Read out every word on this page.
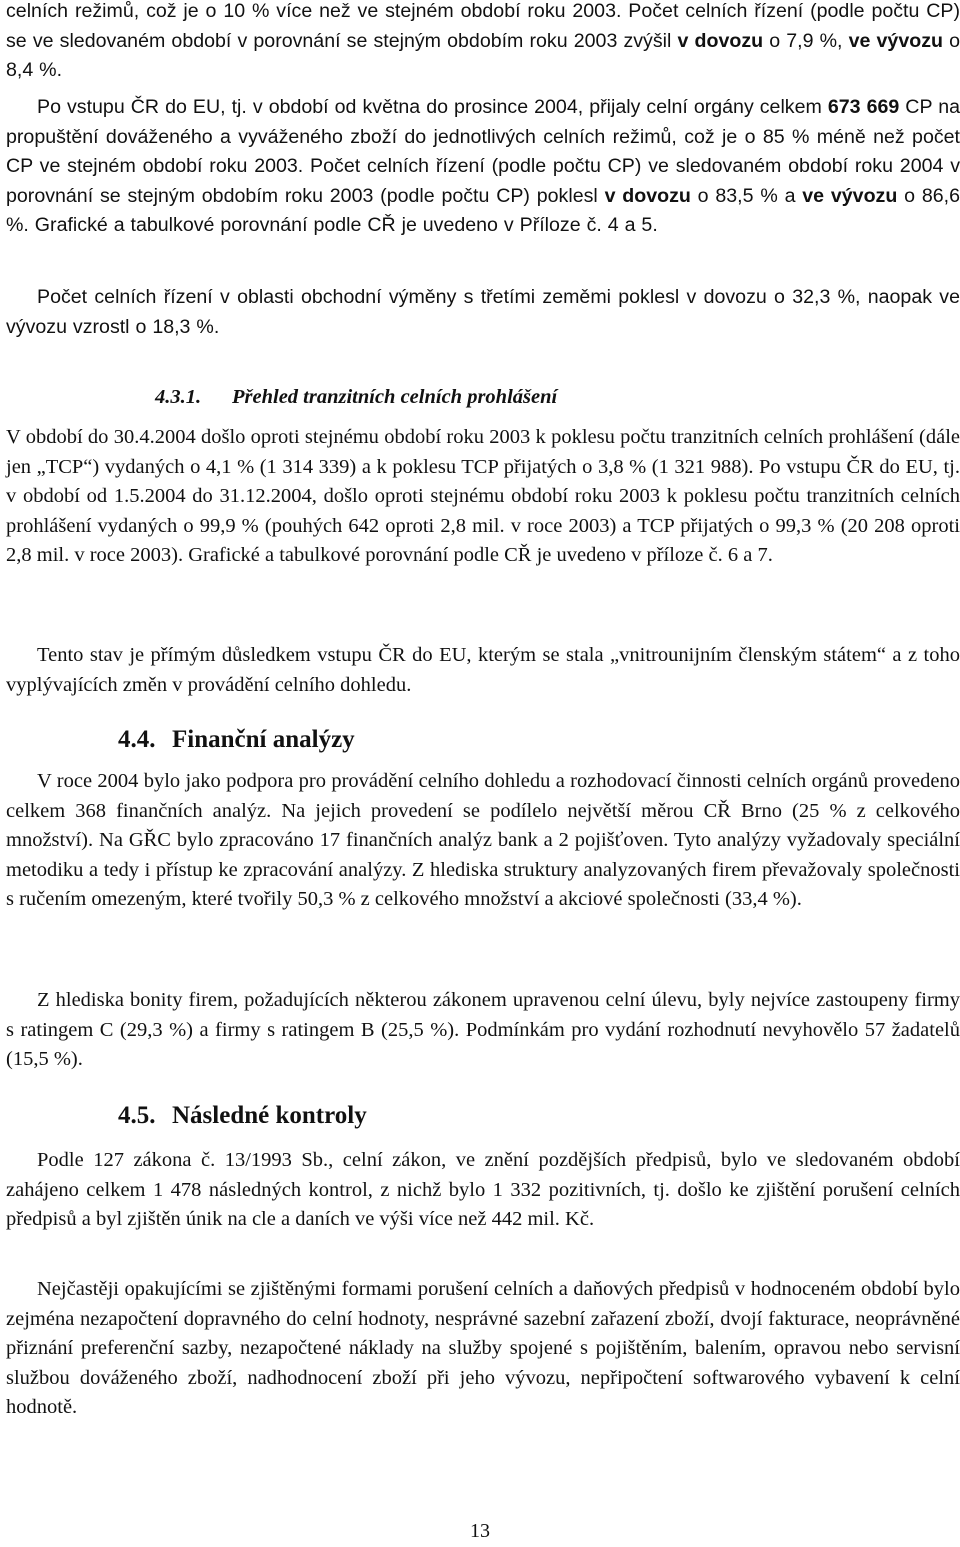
celních režimů, což je o 10 % více než ve stejném období roku 2003. Počet celních řízení (podle počtu CP) se ve sledovaném období v porovnání se stejným obdobím roku 2003 zvýšil v dovozu o 7,9 %, ve vývozu o 8,4 %.

Po vstupu ČR do EU, tj. v období od května do prosince 2004, přijaly celní orgány celkem 673 669 CP na propuštění dováženého a vyváženého zboží do jednotlivých celních režimů, což je o 85 % méně než počet CP ve stejném období roku 2003. Počet celních řízení (podle počtu CP) ve sledovaném období roku 2004 v porovnání se stejným obdobím roku 2003 (podle počtu CP) poklesl v dovozu o 83,5 % a ve vývozu o 86,6 %. Grafické a tabulkové porovnání podle CŘ je uvedeno v Příloze č. 4 a 5.

Počet celních řízení v oblasti obchodní výměny s třetími zeměmi poklesl v dovozu o 32,3 %, naopak ve vývozu vzrostl o 18,3 %.

4.3.1. Přehled tranzitních celních prohlášení

V období do 30.4.2004 došlo oproti stejnému období roku 2003 k poklesu počtu tranzitních celních prohlášení (dále jen „TCP“) vydaných o 4,1 % (1 314 339) a k poklesu TCP přijatých o 3,8 % (1 321 988). Po vstupu ČR do EU, tj. v období od 1.5.2004 do 31.12.2004, došlo oproti stejnému období roku 2003 k poklesu počtu tranzitních celních prohlášení vydaných o 99,9 % (pouhých 642 oproti 2,8 mil. v roce 2003) a TCP přijatých o 99,3 % (20 208 oproti 2,8 mil. v roce 2003). Grafické a tabulkové porovnání podle CŘ je uvedeno v příloze č. 6 a 7.

Tento stav je přímým důsledkem vstupu ČR do EU, kterým se stala „vnitrounijním členským státem“ a z toho vyplývajících změn v provádění celního dohledu.

4.4. Finanční analýzy

V roce 2004 bylo jako podpora pro provádění celního dohledu a rozhodovací činnosti celních orgánů provedeno celkem 368 finančních analýz. Na jejich provedení se podílelo největší měrou CŘ Brno (25 % z celkového množství). Na GŘC bylo zpracováno 17 finančních analýz bank a 2 pojišťoven. Tyto analýzy vyžadovaly speciální metodiku a tedy i přístup ke zpracování analýzy. Z hlediska struktury analyzovaných firem převažovaly společnosti s ručením omezeným, které tvořily 50,3 % z celkového množství a akciové společnosti (33,4 %).

Z hlediska bonity firem, požadujících některou zákonem upravenou celní úlevu, byly nejvíce zastoupeny firmy s ratingem C (29,3 %) a firmy s ratingem B (25,5 %). Podmínkám pro vydání rozhodnutí nevyhovělo 57 žadatelů (15,5 %).

4.5. Následné kontroly

Podle 127 zákona č. 13/1993 Sb., celní zákon, ve znění pozdějších předpisů, bylo ve sledovaném období zahájeno celkem 1 478 následných kontrol, z nichž bylo 1 332 pozitivních, tj. došlo ke zjištění porušení celních předpisů a byl zjištěn únik na cle a daních ve výši více než 442 mil. Kč.

Nejčastěji opakujícími se zjištěnými formami porušení celních a daňových předpisů v hodnoceném období bylo zejména nezapočtení dopravného do celní hodnoty, nesprávné sazební zařazení zboží, dvojí fakturace, neoprávněné přiznání preferenční sazby, nezapočtené náklady na služby spojené s pojištěním, balením, opravou nebo servisní službou dováženého zboží, nadhodnocení zboží při jeho vývozu, nepřipočtení softwarového vybavení k celní hodnotě.

13
